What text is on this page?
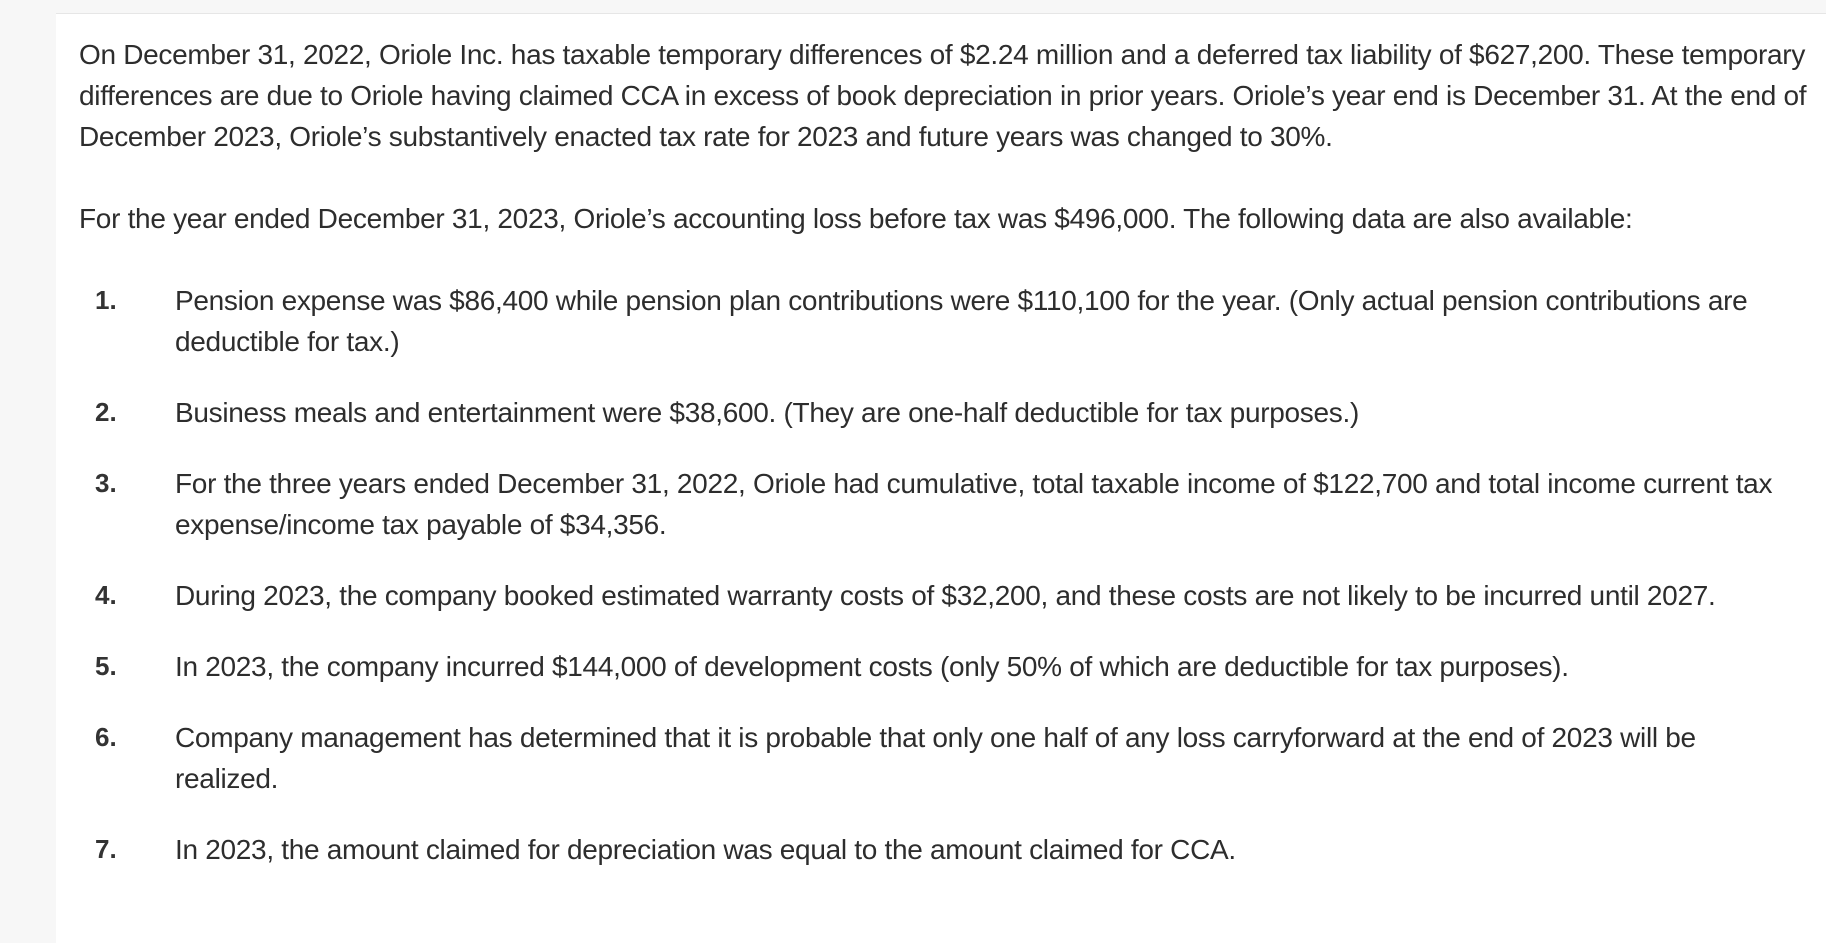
On December 31, 2022, Oriole Inc. has taxable temporary differences of $2.24 million and a deferred tax liability of $627,200. These temporary differences are due to Oriole having claimed CCA in excess of book depreciation in prior years. Oriole’s year end is December 31. At the end of December 2023, Oriole’s substantively enacted tax rate for 2023 and future years was changed to 30%.

For the year ended December 31, 2023, Oriole’s accounting loss before tax was $496,000. The following data are also available:

1.	Pension expense was $86,400 while pension plan contributions were $110,100 for the year. (Only actual pension contributions are deductible for tax.)
2.	Business meals and entertainment were $38,600. (They are one-half deductible for tax purposes.)
3.	For the three years ended December 31, 2022, Oriole had cumulative, total taxable income of $122,700 and total income current tax expense/income tax payable of $34,356.
4.	During 2023, the company booked estimated warranty costs of $32,200, and these costs are not likely to be incurred until 2027.
5.	In 2023, the company incurred $144,000 of development costs (only 50% of which are deductible for tax purposes).
6.	Company management has determined that it is probable that only one half of any loss carryforward at the end of 2023 will be realized.
7.	In 2023, the amount claimed for depreciation was equal to the amount claimed for CCA.
